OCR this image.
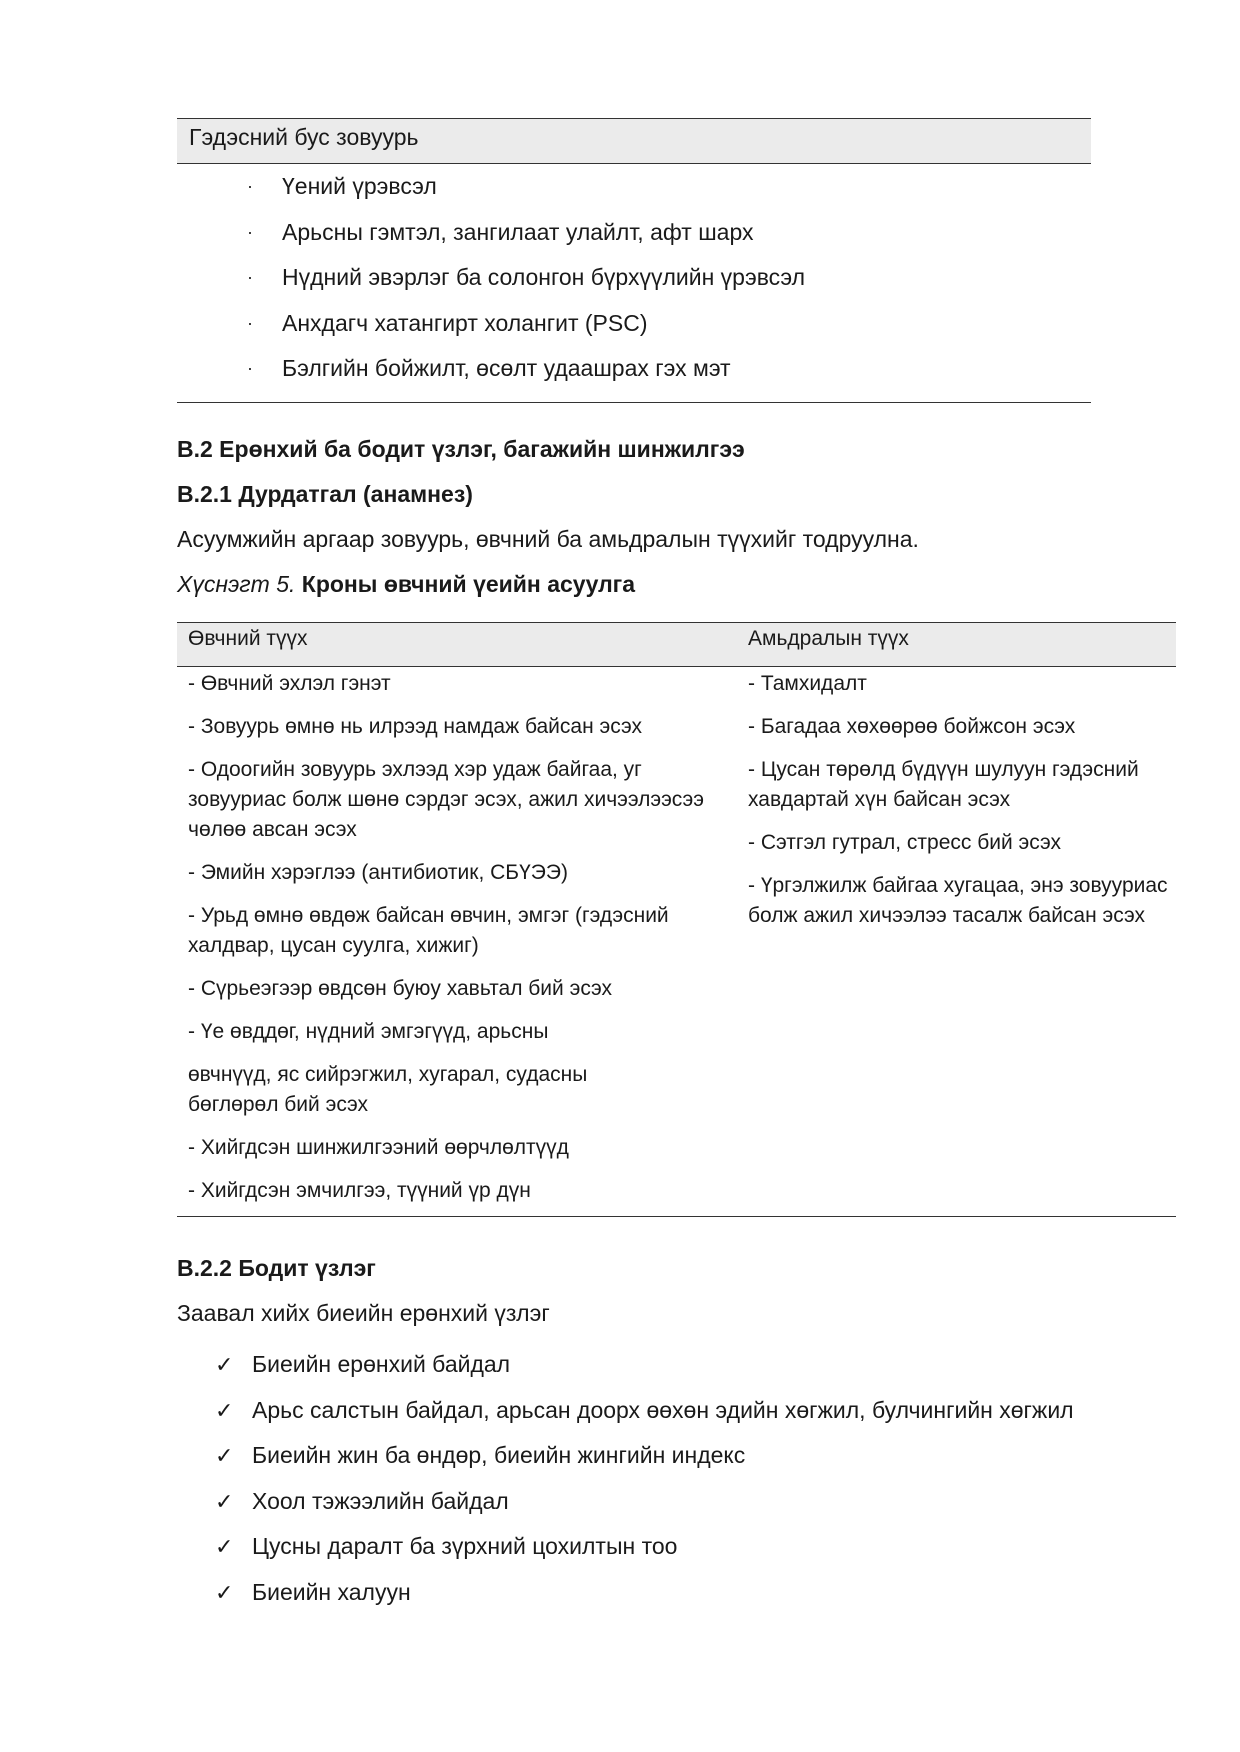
Гэдэсний бус зовуурь
· Үений үрэвсэл
· Арьсны гэмтэл, зангилаат улайлт, афт шарх
· Нүдний эвэрлэг ба солонгон бүрхүүлийн үрэвсэл
· Анхдагч хатангирт холангит (PSC)
· Бэлгийн бойжилт, өсөлт удаашрах гэх мэт
В.2 Ерөнхий ба бодит үзлэг, багажийн шинжилгээ
В.2.1 Дурдатгал (анамнез)
Асуумжийн аргаар зовуурь, өвчний ба амьдралын түүхийг тодруулна.
Хүснэгт 5. Кроны өвчний үеийн асуулга
Өвчний түүх	Амьдралын түүх
- Өвчний эхлэл гэнэт
- Зовуурь өмнө нь илрээд намдаж байсан эсэх
- Одоогийн зовуурь эхлээд хэр удаж байгаа, уг зовууриас болж шөнө сэрдэг эсэх, ажил хичээлээсээ чөлөө авсан эсэх
- Эмийн хэрэглээ (антибиотик, СБҮЭЭ)
- Урьд өмнө өвдөж байсан өвчин, эмгэг (гэдэсний халдвар, цусан суулга, хижиг)
- Сүрьеэгээр өвдсөн буюу хавьтал бий эсэх
- Үе өвддөг, нүдний эмгэгүүд, арьсны
өвчнүүд, яс сийрэгжил, хугарал, судасны бөглөрөл бий эсэх
- Хийгдсэн шинжилгээний өөрчлөлтүүд
- Хийгдсэн эмчилгээ, түүний үр дүн
- Тамхидалт
- Багадаа хөхөөрөө бойжсон эсэх
- Цусан төрөлд бүдүүн шулуун гэдэсний хавдартай хүн байсан эсэх
- Сэтгэл гутрал, стресс бий эсэх
- Үргэлжилж байгаа хугацаа, энэ зовууриас болж ажил хичээлээ тасалж байсан эсэх
В.2.2 Бодит үзлэг
Заавал хийх биеийн ерөнхий үзлэг
✓ Биеийн ерөнхий байдал
✓ Арьс салстын байдал, арьсан доорх өөхөн эдийн хөгжил, булчингийн хөгжил
✓ Биеийн жин ба өндөр, биеийн жингийн индекс
✓ Хоол тэжээлийн байдал
✓ Цусны даралт ба зүрхний цохилтын тоо
✓ Биеийн халуун
